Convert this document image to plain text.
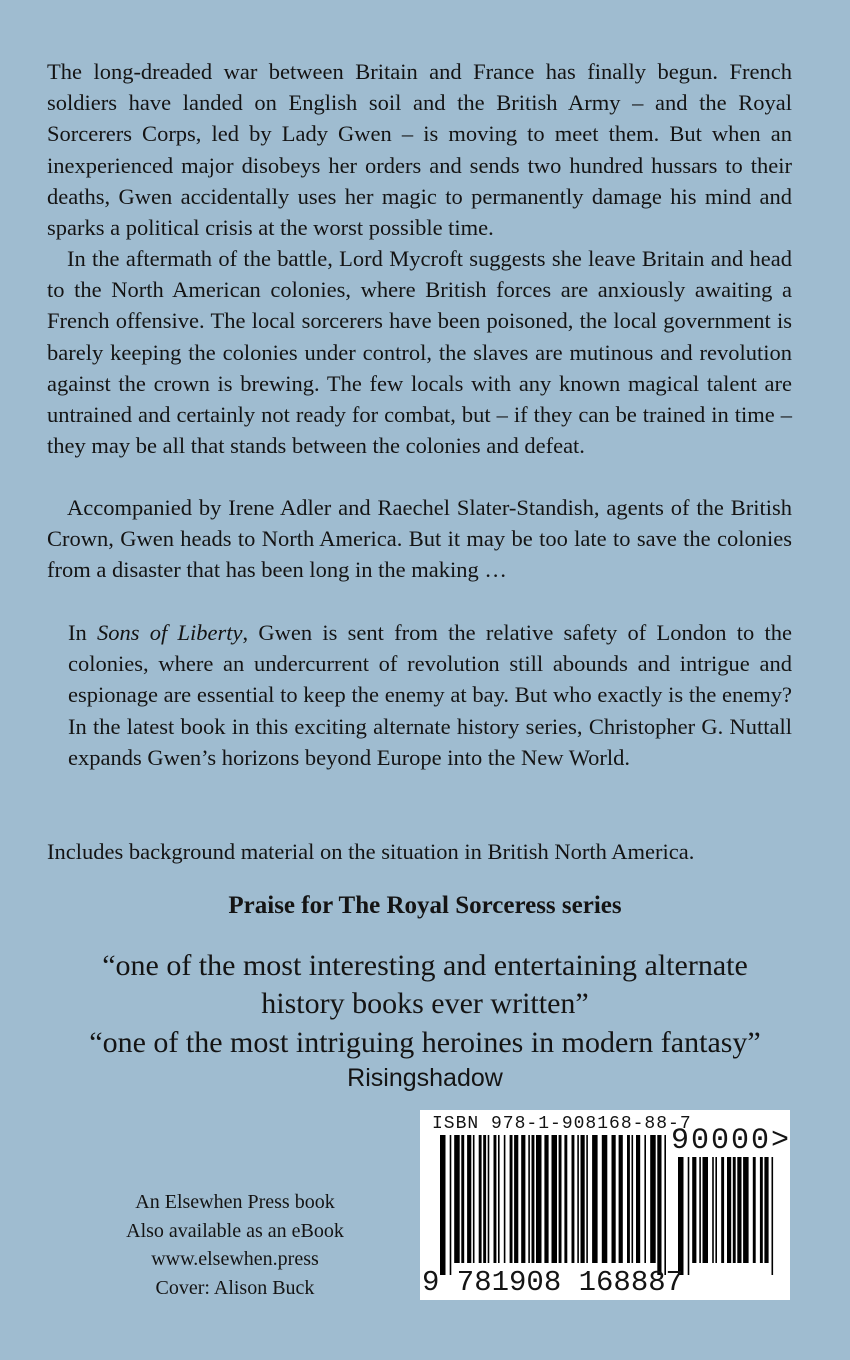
The long-dreaded war between Britain and France has finally begun. French soldiers have landed on English soil and the British Army – and the Royal Sorcerers Corps, led by Lady Gwen – is moving to meet them. But when an inexperienced major disobeys her orders and sends two hundred hussars to their deaths, Gwen accidentally uses her magic to permanently damage his mind and sparks a political crisis at the worst possible time.

In the aftermath of the battle, Lord Mycroft suggests she leave Britain and head to the North American colonies, where British forces are anxiously awaiting a French offensive. The local sorcerers have been poisoned, the local government is barely keeping the colonies under control, the slaves are mutinous and revolution against the crown is brewing. The few locals with any known magical talent are untrained and certainly not ready for combat, but – if they can be trained in time – they may be all that stands between the colonies and defeat.

Accompanied by Irene Adler and Raechel Slater-Standish, agents of the British Crown, Gwen heads to North America. But it may be too late to save the colonies from a disaster that has been long in the making …

In Sons of Liberty, Gwen is sent from the relative safety of London to the colonies, where an undercurrent of revolution still abounds and intrigue and espionage are essential to keep the enemy at bay. But who exactly is the enemy? In the latest book in this exciting alternate history series, Christopher G. Nuttall expands Gwen’s horizons beyond Europe into the New World.

Includes background material on the situation in British North America.

Praise for The Royal Sorceress series

“one of the most interesting and entertaining alternate
history books ever written”

“one of the most intriguing heroines in modern fantasy”

Risingshadow

An Elsewhen Press book
Also available as an eBook
www.elsewhen.press
Cover: Alison Buck
ISBN 978-1-908168-88-7
90000>
9 781908 168887
